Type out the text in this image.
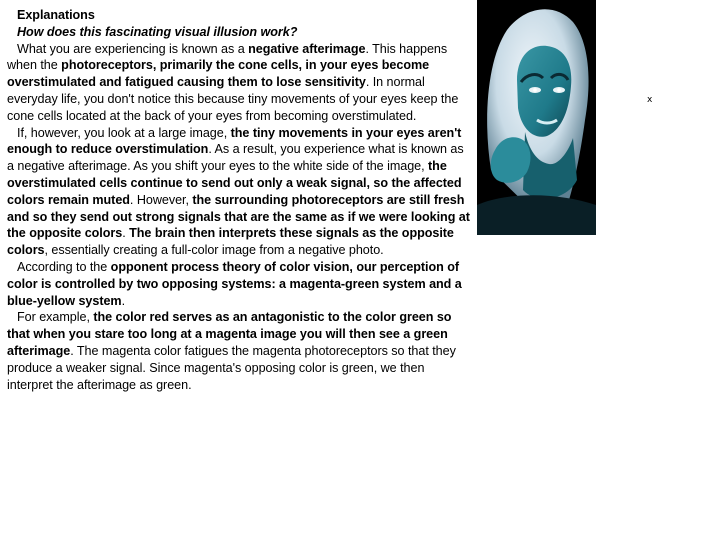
Explanations

How does this fascinating visual illusion work?

What you are experiencing is known as a negative afterimage. This happens when the photoreceptors, primarily the cone cells, in your eyes become overstimulated and fatigued causing them to lose sensitivity. In normal everyday life, you don't notice this because tiny movements of your eyes keep the cone cells located at the back of your eyes from becoming overstimulated.

If, however, you look at a large image, the tiny movements in your eyes aren't enough to reduce overstimulation. As a result, you experience what is known as a negative afterimage. As you shift your eyes to the white side of the image, the overstimulated cells continue to send out only a weak signal, so the affected colors remain muted. However, the surrounding photoreceptors are still fresh and so they send out strong signals that are the same as if we were looking at the opposite colors. The brain then interprets these signals as the opposite colors, essentially creating a full-color image from a negative photo.

According to the opponent process theory of color vision, our perception of color is controlled by two opposing systems: a magenta-green system and a blue-yellow system.

For example, the color red serves as an antagonistic to the color green so that when you stare too long at a magenta image you will then see a green afterimage. The magenta color fatigues the magenta photoreceptors so that they produce a weaker signal. Since magenta's opposing color is green, we then interpret the afterimage as green.

x
